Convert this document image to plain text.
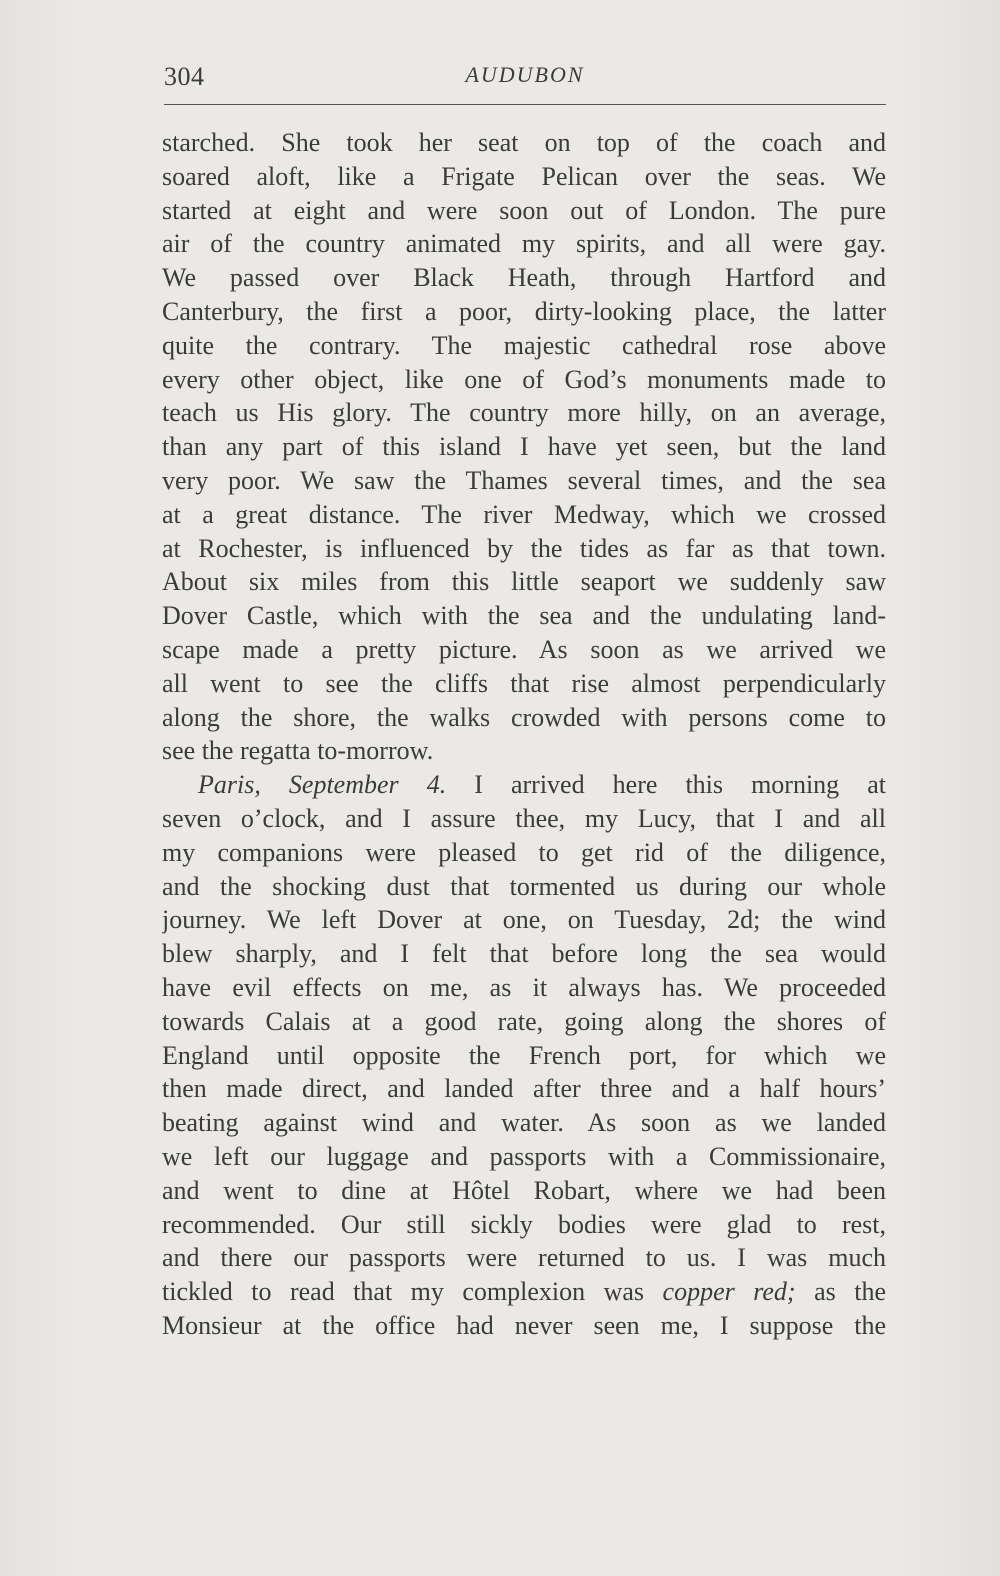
304	AUDUBON
starched. She took her seat on top of the coach and
soared aloft, like a Frigate Pelican over the seas. We
started at eight and were soon out of London. The pure
air of the country animated my spirits, and all were gay.
We passed over Black Heath, through Hartford and
Canterbury, the first a poor, dirty-looking place, the latter
quite the contrary. The majestic cathedral rose above
every other object, like one of God’s monuments made to
teach us His glory. The country more hilly, on an average,
than any part of this island I have yet seen, but the land
very poor. We saw the Thames several times, and the sea
at a great distance. The river Medway, which we crossed
at Rochester, is influenced by the tides as far as that town.
About six miles from this little seaport we suddenly saw
Dover Castle, which with the sea and the undulating land-
scape made a pretty picture. As soon as we arrived we
all went to see the cliffs that rise almost perpendicularly
along the shore, the walks crowded with persons come to
see the regatta to-morrow.
Paris, September 4. I arrived here this morning at
seven o’clock, and I assure thee, my Lucy, that I and all
my companions were pleased to get rid of the diligence,
and the shocking dust that tormented us during our whole
journey. We left Dover at one, on Tuesday, 2d; the wind
blew sharply, and I felt that before long the sea would
have evil effects on me, as it always has. We proceeded
towards Calais at a good rate, going along the shores of
England until opposite the French port, for which we
then made direct, and landed after three and a half hours’
beating against wind and water. As soon as we landed
we left our luggage and passports with a Commissionaire,
and went to dine at Hôtel Robart, where we had been
recommended. Our still sickly bodies were glad to rest,
and there our passports were returned to us. I was much
tickled to read that my complexion was copper red; as the
Monsieur at the office had never seen me, I suppose the
